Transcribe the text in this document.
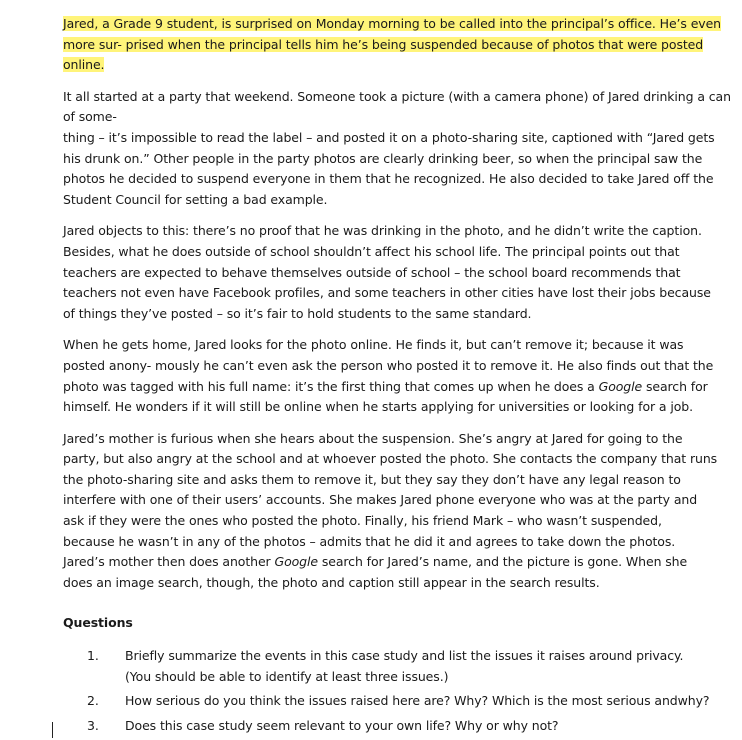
Jared, a Grade 9 student, is surprised on Monday morning to be called into the principal’s office. He’s even
more sur- prised when the principal tells him he’s being suspended because of photos that were posted
online.

It all started at a party that weekend. Someone took a picture (with a camera phone) of Jared drinking a can
of some-
thing – it’s impossible to read the label – and posted it on a photo-sharing site, captioned with “Jared gets
his drunk on.” Other people in the party photos are clearly drinking beer, so when the principal saw the
photos he decided to suspend everyone in them that he recognized. He also decided to take Jared off the
Student Council for setting a bad example.

Jared objects to this: there’s no proof that he was drinking in the photo, and he didn’t write the caption.
Besides, what he does outside of school shouldn’t affect his school life. The principal points out that
teachers are expected to behave themselves outside of school – the school board recommends that
teachers not even have Facebook profiles, and some teachers in other cities have lost their jobs because
of things they’ve posted – so it’s fair to hold students to the same standard.

When he gets home, Jared looks for the photo online. He finds it, but can’t remove it; because it was
posted anony- mously he can’t even ask the person who posted it to remove it. He also finds out that the
photo was tagged with his full name: it’s the first thing that comes up when he does a Google search for
himself. He wonders if it will still be online when he starts applying for universities or looking for a job.

Jared’s mother is furious when she hears about the suspension. She’s angry at Jared for going to the
party, but also angry at the school and at whoever posted the photo. She contacts the company that runs
the photo-sharing site and asks them to remove it, but they say they don’t have any legal reason to
interfere with one of their users’ accounts. She makes Jared phone everyone who was at the party and
ask if they were the ones who posted the photo. Finally, his friend Mark – who wasn’t suspended,
because he wasn’t in any of the photos – admits that he did it and agrees to take down the photos.
Jared’s mother then does another Google search for Jared’s name, and the picture is gone. When she
does an image search, though, the photo and caption still appear in the search results.

Questions

1. Briefly summarize the events in this case study and list the issues it raises around privacy.
(You should be able to identify at least three issues.)
2. How serious do you think the issues raised here are? Why? Which is the most serious andwhy?
3. Does this case study seem relevant to your own life? Why or why not?
